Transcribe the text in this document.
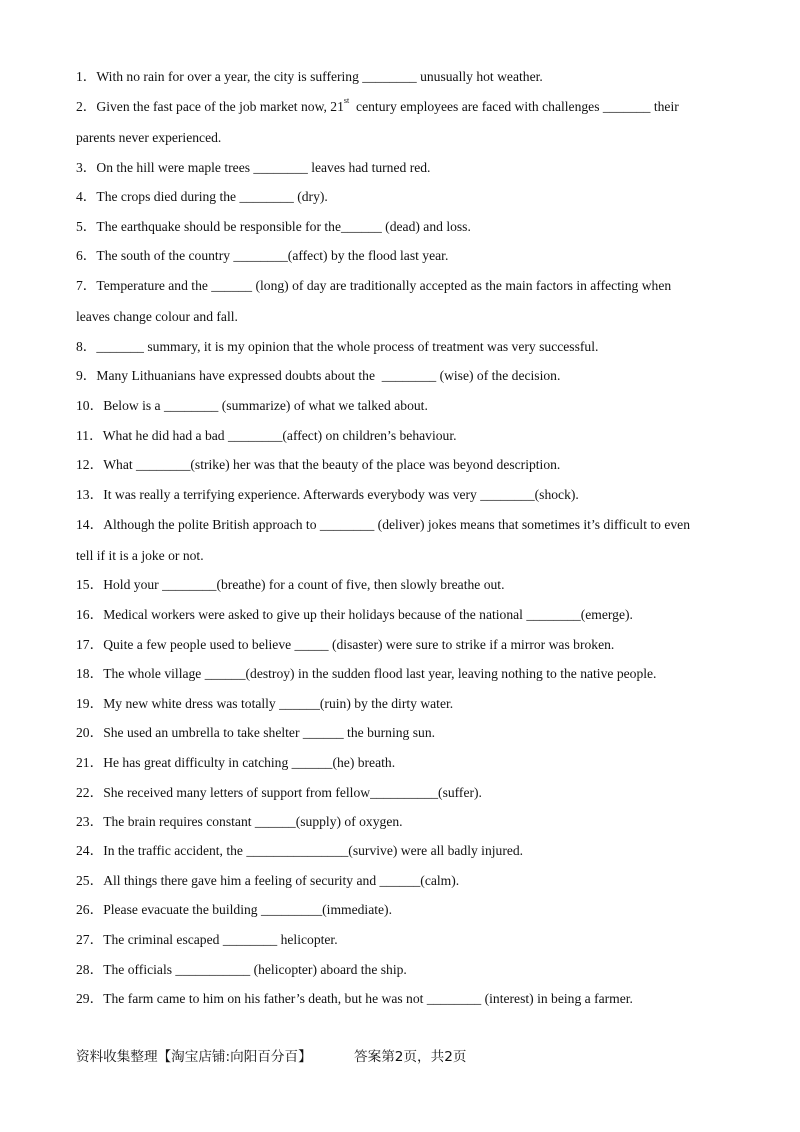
1．With no rain for over a year, the city is suffering ________ unusually hot weather.

2．Given the fast pace of the job market now, 21st  century employees are faced with challenges _______ their

parents never experienced.

3．On the hill were maple trees ________ leaves had turned red.

4．The crops died during the ________ (dry).

5．The earthquake should be responsible for the______ (dead) and loss.

6．The south of the country ________(affect) by the flood last year.

7．Temperature and the ______ (long) of day are traditionally accepted as the main factors in affecting when

leaves change colour and fall.

8．_______ summary, it is my opinion that the whole process of treatment was very successful.

9．Many Lithuanians have expressed doubts about the  ________ (wise) of the decision.

10．Below is a ________ (summarize) of what we talked about.

11．What he did had a bad ________(affect) on children’s behaviour.

12．What ________(strike) her was that the beauty of the place was beyond description.

13．It was really a terrifying experience. Afterwards everybody was very ________(shock).

14．Although the polite British approach to ________ (deliver) jokes means that sometimes it’s difficult to even

tell if it is a joke or not.

15．Hold your ________(breathe) for a count of five, then slowly breathe out.

16．Medical workers were asked to give up their holidays because of the national ________(emerge).

17．Quite a few people used to believe _____ (disaster) were sure to strike if a mirror was broken.

18．The whole village ______(destroy) in the sudden flood last year, leaving nothing to the native people.

19．My new white dress was totally ______(ruin) by the dirty water.

20．She used an umbrella to take shelter ______ the burning sun.

21．He has great difficulty in catching ______(he) breath.

22．She received many letters of support from fellow__________(suffer).

23．The brain requires constant ______(supply) of oxygen.

24．In the traffic accident, the _______________(survive) were all badly injured.

25．All things there gave him a feeling of security and ______(calm).

26．Please evacuate the building _________(immediate).

27．The criminal escaped ________ helicopter.

28．The officials ___________ (helicopter) aboard the ship.

29．The farm came to him on his father’s death, but he was not ________ (interest) in being a farmer.

资料收集整理【淘宝店铺:向阳百分百】	答案第2页，共2页
